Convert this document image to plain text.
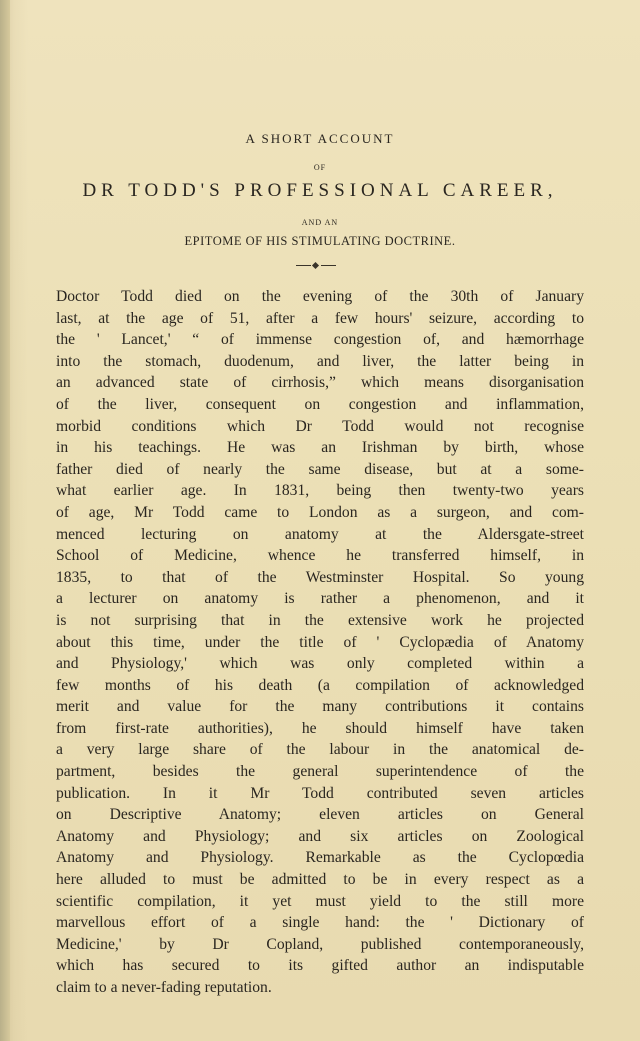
A SHORT ACCOUNT
OF
DR TODD'S PROFESSIONAL CAREER,
AND AN
EPITOME OF HIS STIMULATING DOCTRINE.
Doctor Todd died on the evening of the 30th of January
last, at the age of 51, after a few hours' seizure, according to
the ' Lancet,' “ of immense congestion of, and hæmorrhage
into the stomach, duodenum, and liver, the latter being in
an advanced state of cirrhosis,” which means disorganisation
of the liver, consequent on congestion and inflammation,
morbid conditions which Dr Todd would not recognise
in his teachings. He was an Irishman by birth, whose
father died of nearly the same disease, but at a some-
what earlier age. In 1831, being then twenty-two years
of age, Mr Todd came to London as a surgeon, and com-
menced lecturing on anatomy at the Aldersgate-street
School of Medicine, whence he transferred himself, in
1835, to that of the Westminster Hospital. So young
a lecturer on anatomy is rather a phenomenon, and it
is not surprising that in the extensive work he projected
about this time, under the title of ' Cyclopædia of Anatomy
and Physiology,' which was only completed within a
few months of his death (a compilation of acknowledged
merit and value for the many contributions it contains
from first-rate authorities), he should himself have taken
a very large share of the labour in the anatomical de-
partment, besides the general superintendence of the
publication. In it Mr Todd contributed seven articles
on Descriptive Anatomy; eleven articles on General
Anatomy and Physiology; and six articles on Zoological
Anatomy and Physiology. Remarkable as the Cyclopœdia
here alluded to must be admitted to be in every respect as a
scientific compilation, it yet must yield to the still more
marvellous effort of a single hand: the ' Dictionary of
Medicine,' by Dr Copland, published contemporaneously,
which has secured to its gifted author an indisputable
claim to a never-fading reputation.
